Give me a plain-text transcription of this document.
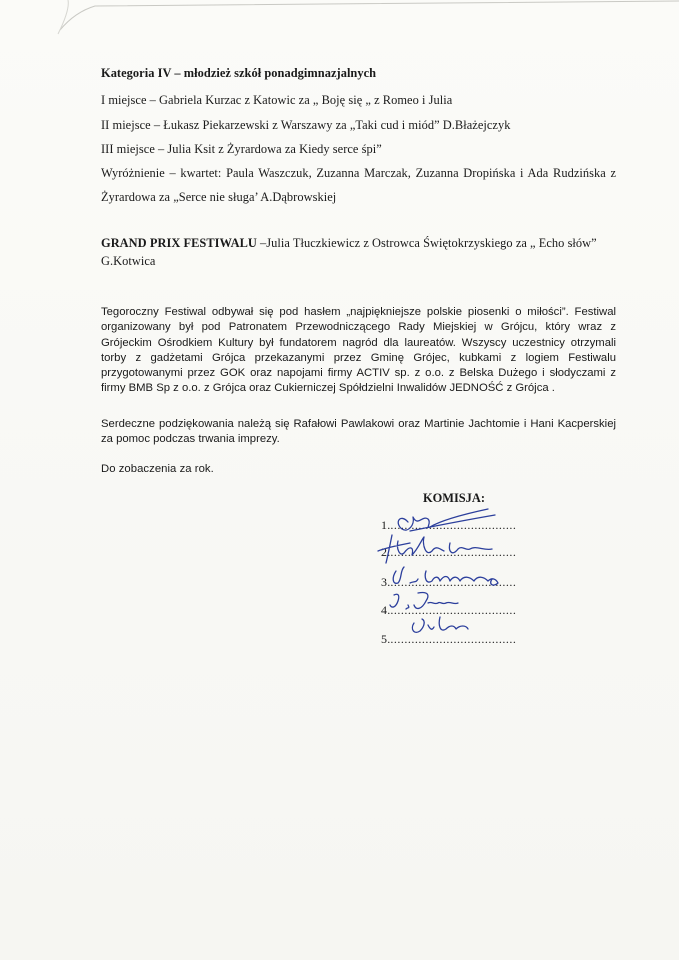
Kategoria IV – młodzież szkół ponadgimnazjalnych
I miejsce – Gabriela Kurzac z Katowic za „ Boję się „ z Romeo i Julia
II miejsce – Łukasz Piekarzewski z Warszawy za „Taki cud i miód” D.Błażejczyk
III miejsce – Julia Ksit z Żyrardowa za Kiedy serce śpi”
Wyróżnienie – kwartet: Paula Waszczuk, Zuzanna Marczak, Zuzanna Dropińska i Ada Rudzińska z
Żyrardowa za „Serce nie sługa’ A.Dąbrowskiej
GRAND PRIX FESTIWALU –Julia Tłuczkiewicz z Ostrowca Świętokrzyskiego za „ Echo słów”
G.Kotwica
Tegoroczny Festiwal odbywał się pod hasłem „najpiękniejsze polskie piosenki o miłości”. Festiwal
organizowany był pod Patronatem Przewodniczącego Rady Miejskiej w Grójcu, który wraz z
Grójeckim Ośrodkiem Kultury był fundatorem nagród dla laureatów. Wszyscy uczestnicy otrzymali
torby z gadżetami Grójca przekazanymi przez Gminę Grójec, kubkami z logiem Festiwalu
przygotowanymi przez GOK oraz napojami firmy ACTIV sp. z o.o. z Belska Dużego i słodyczami z
firmy BMB Sp z o.o. z Grójca oraz Cukierniczej Spółdzielni Inwalidów JEDNOŚĆ z Grójca .
Serdeczne podziękowania należą się Rafałowi Pawlakowi oraz Martinie Jachtomie i Hani Kacperskiej
za pomoc podczas trwania imprezy.
Do zobaczenia za rok.
KOMISJA:
1.....................................
2.....................................
3.....................................
4.....................................
5.....................................
